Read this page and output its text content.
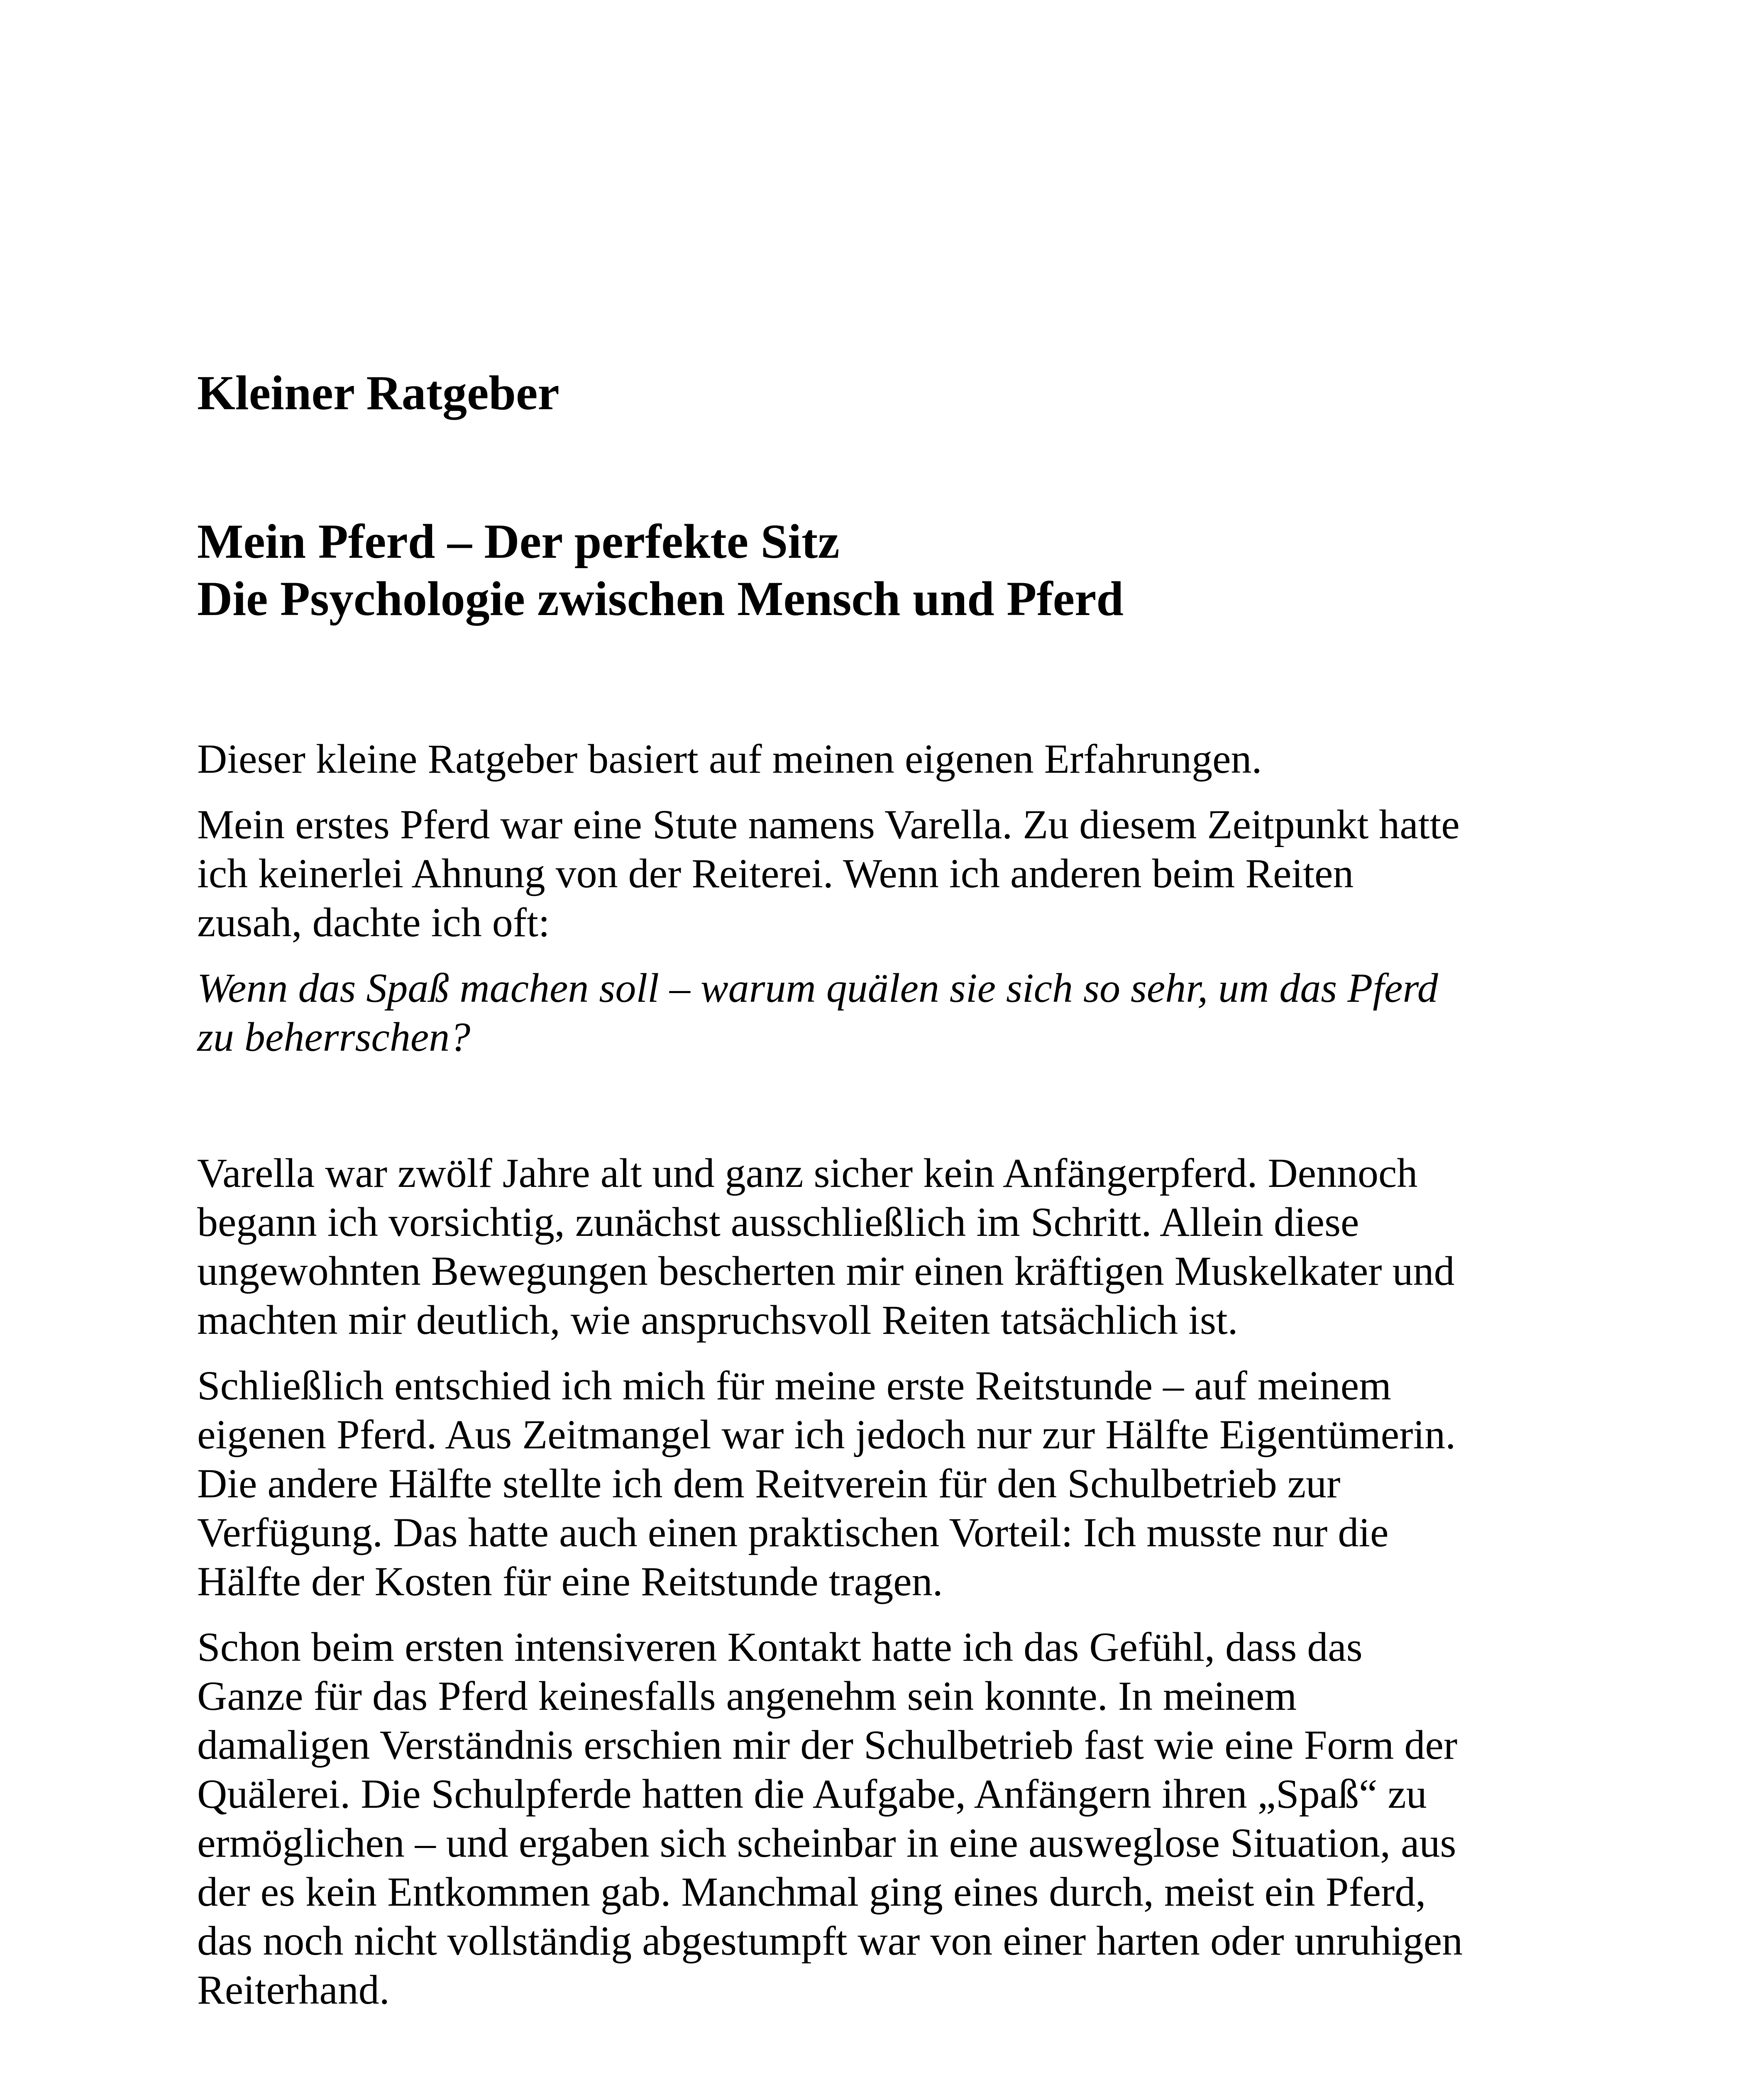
Kleiner Ratgeber
Mein Pferd – Der perfekte Sitz
Die Psychologie zwischen Mensch und Pferd

Dieser kleine Ratgeber basiert auf meinen eigenen Erfahrungen.

Mein erstes Pferd war eine Stute namens Varella. Zu diesem Zeitpunkt hatte
ich keinerlei Ahnung von der Reiterei. Wenn ich anderen beim Reiten
zusah, dachte ich oft:

Wenn das Spaß machen soll – warum quälen sie sich so sehr, um das Pferd
zu beherrschen?

Varella war zwölf Jahre alt und ganz sicher kein Anfängerpferd. Dennoch
begann ich vorsichtig, zunächst ausschließlich im Schritt. Allein diese
ungewohnten Bewegungen bescherten mir einen kräftigen Muskelkater und
machten mir deutlich, wie anspruchsvoll Reiten tatsächlich ist.

Schließlich entschied ich mich für meine erste Reitstunde – auf meinem
eigenen Pferd. Aus Zeitmangel war ich jedoch nur zur Hälfte Eigentümerin.
Die andere Hälfte stellte ich dem Reitverein für den Schulbetrieb zur
Verfügung. Das hatte auch einen praktischen Vorteil: Ich musste nur die
Hälfte der Kosten für eine Reitstunde tragen.

Schon beim ersten intensiveren Kontakt hatte ich das Gefühl, dass das
Ganze für das Pferd keinesfalls angenehm sein konnte. In meinem
damaligen Verständnis erschien mir der Schulbetrieb fast wie eine Form der
Quälerei. Die Schulpferde hatten die Aufgabe, Anfängern ihren „Spaß“ zu
ermöglichen – und ergaben sich scheinbar in eine ausweglose Situation, aus
der es kein Entkommen gab. Manchmal ging eines durch, meist ein Pferd,
das noch nicht vollständig abgestumpft war von einer harten oder unruhigen
Reiterhand.
